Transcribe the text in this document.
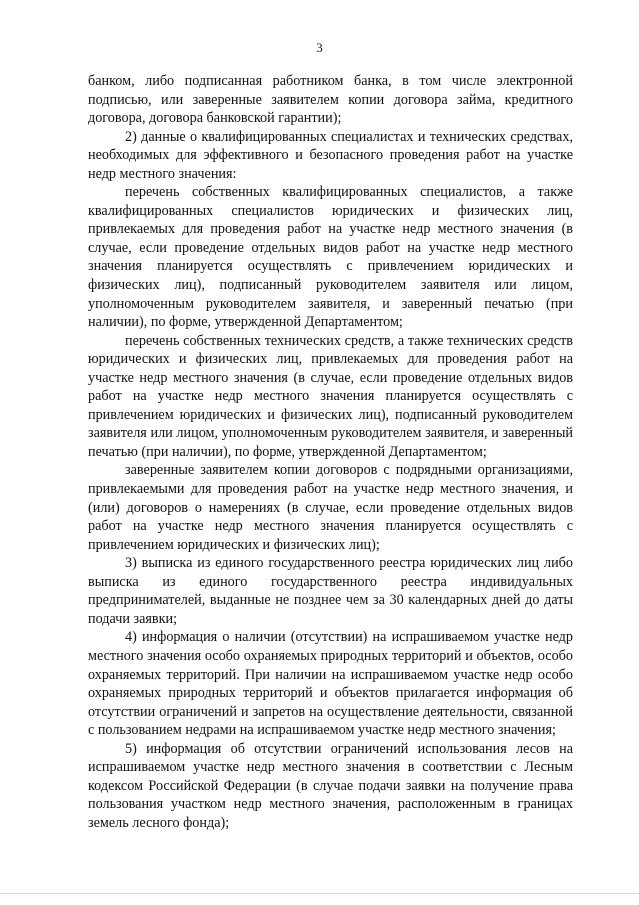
3

банком, либо подписанная работником банка, в том числе электронной подписью, или заверенные заявителем копии договора займа, кредитного договора, договора банковской гарантии);

2) данные о квалифицированных специалистах и технических средствах, необходимых для эффективного и безопасного проведения работ на участке недр местного значения:

перечень собственных квалифицированных специалистов, а также квалифицированных специалистов юридических и физических лиц, привлекаемых для проведения работ на участке недр местного значения (в случае, если проведение отдельных видов работ на участке недр местного значения планируется осуществлять с привлечением юридических и физических лиц), подписанный руководителем заявителя или лицом, уполномоченным руководителем заявителя, и заверенный печатью (при наличии), по форме, утвержденной Департаментом;

перечень собственных технических средств, а также технических средств юридических и физических лиц, привлекаемых для проведения работ на участке недр местного значения (в случае, если проведение отдельных видов работ на участке недр местного значения планируется осуществлять с привлечением юридических и физических лиц), подписанный руководителем заявителя или лицом, уполномоченным руководителем заявителя, и заверенный печатью (при наличии), по форме, утвержденной Департаментом;

заверенные заявителем копии договоров с подрядными организациями, привлекаемыми для проведения работ на участке недр местного значения, и (или) договоров о намерениях (в случае, если проведение отдельных видов работ на участке недр местного значения планируется осуществлять с привлечением юридических и физических лиц);

3) выписка из единого государственного реестра юридических лиц либо выписка из единого государственного реестра индивидуальных предпринимателей, выданные не позднее чем за 30 календарных дней до даты подачи заявки;

4) информация о наличии (отсутствии) на испрашиваемом участке недр местного значения особо охраняемых природных территорий и объектов, особо охраняемых территорий. При наличии на испрашиваемом участке недр особо охраняемых природных территорий и объектов прилагается информация об отсутствии ограничений и запретов на осуществление деятельности, связанной с пользованием недрами на испрашиваемом участке недр местного значения;

5) информация об отсутствии ограничений использования лесов на испрашиваемом участке недр местного значения в соответствии с Лесным кодексом Российской Федерации (в случае подачи заявки на получение права пользования участком недр местного значения, расположенным в границах земель лесного фонда);
